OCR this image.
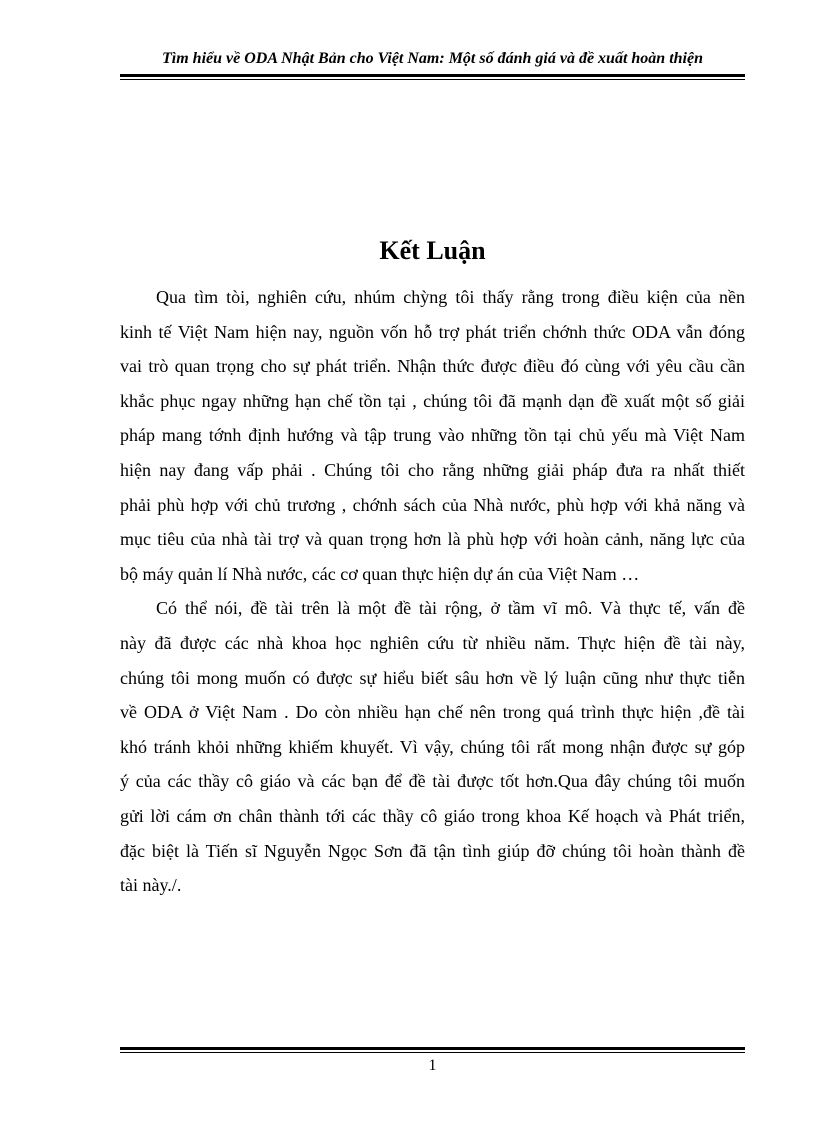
Tìm hiểu về ODA Nhật Bản cho Việt Nam: Một số đánh giá và đề xuất hoàn thiện
Kết Luận

Qua tìm tòi, nghiên cứu, nhúm chỳng tôi thấy rằng trong điều kiện của nền
kinh tế Việt Nam hiện nay, nguồn vốn hỗ trợ phát triển chớnh thức ODA vẫn đóng
vai trò quan trọng cho sự phát triển. Nhận thức được điều đó cùng với yêu cầu cần
khắc phục ngay những hạn chế tồn tại , chúng tôi đã mạnh dạn đề xuất một số giải
pháp mang tớnh định hướng và tập trung vào những tồn tại chủ yếu mà Việt Nam
hiện nay đang vấp phải . Chúng tôi cho rằng những giải pháp đưa ra nhất thiết
phải phù hợp với chủ trương , chớnh sách của Nhà nước, phù hợp với khả năng và
mục tiêu của nhà tài trợ và quan trọng hơn là phù hợp với hoàn cảnh, năng lực của
bộ máy quản lí Nhà nước, các cơ quan thực hiện dự án của Việt Nam …

Có thể nói, đề tài trên là một đề tài rộng, ở tầm vĩ mô. Và thực tế, vấn đề
này đã được các nhà khoa học nghiên cứu từ nhiều năm. Thực hiện đề tài này,
chúng tôi mong muốn có được sự hiểu biết sâu hơn về lý luận cũng như thực tiễn
về ODA ở Việt Nam . Do còn nhiều hạn chế nên trong quá trình thực hiện ,đề tài
khó tránh khỏi những khiếm khuyết. Vì vậy, chúng tôi rất mong nhận được sự góp
ý của các thầy cô giáo và các bạn để đề tài được tốt hơn.Qua đây chúng tôi muốn
gửi lời cám ơn chân thành tới các thầy cô giáo trong khoa Kế hoạch và Phát triển,
đặc biệt là Tiến sĩ Nguyễn Ngọc Sơn đã tận tình giúp đỡ chúng tôi hoàn thành đề
tài này./.

1
